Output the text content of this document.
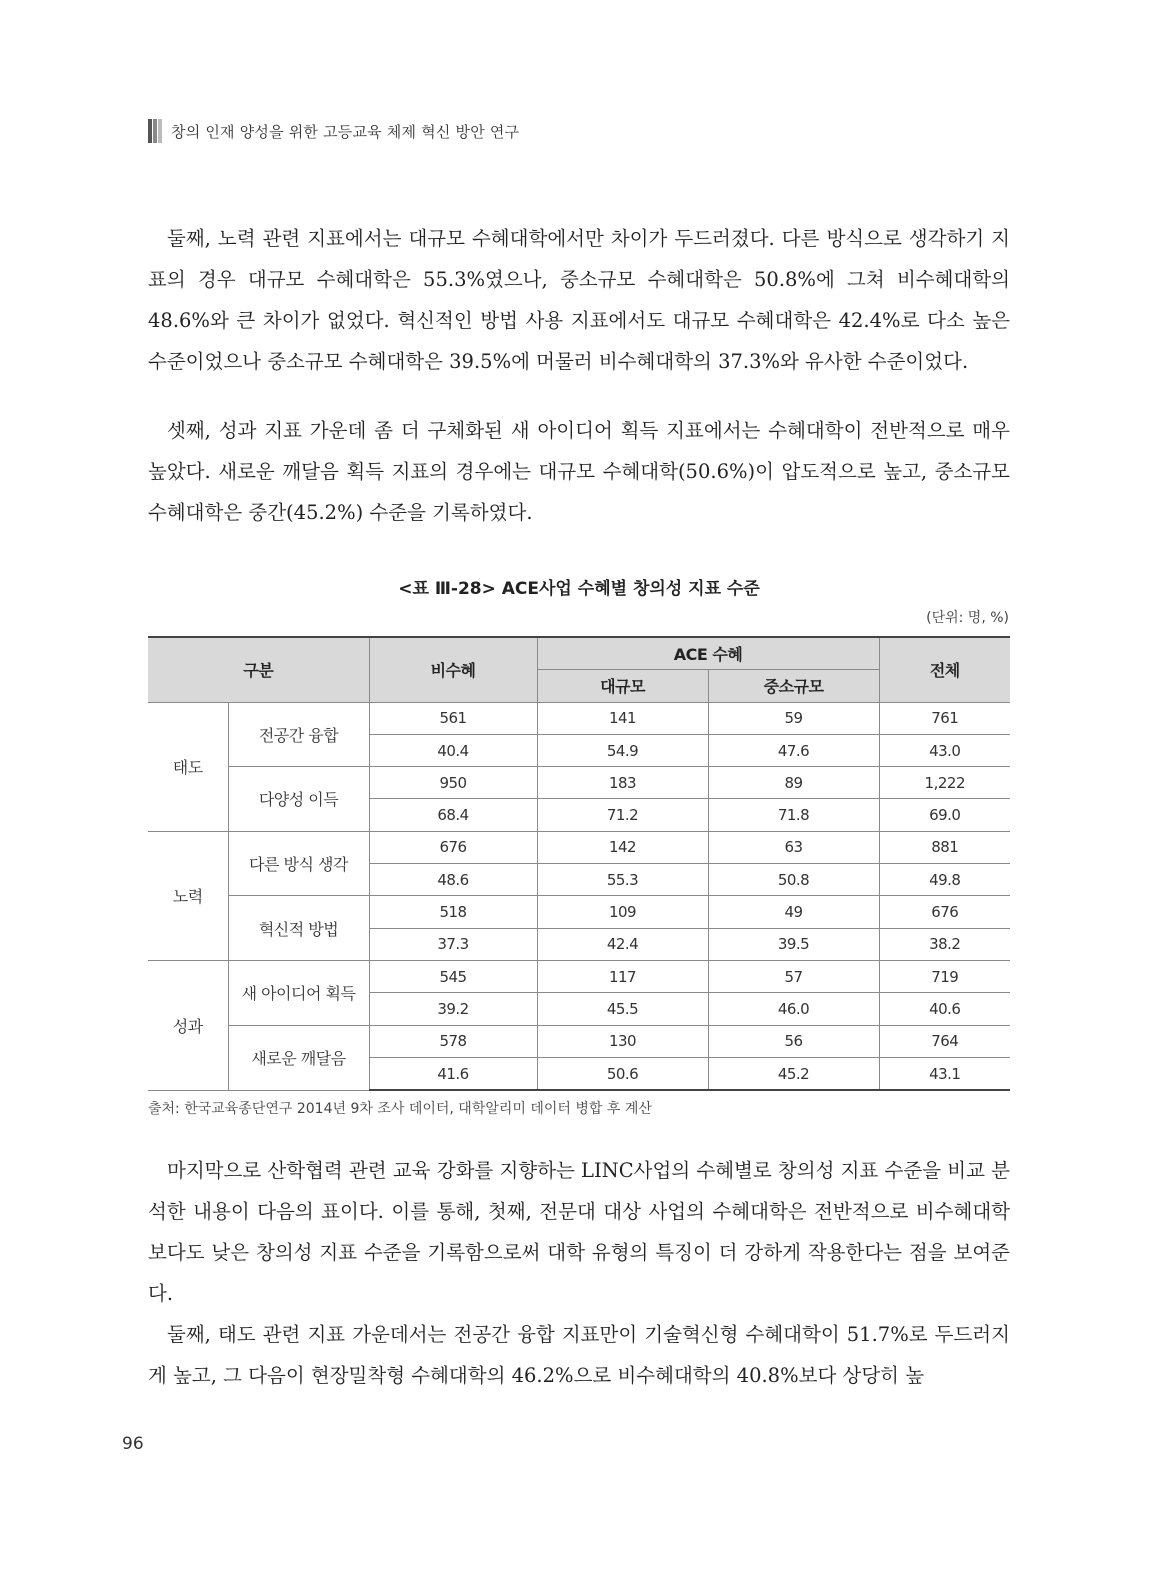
창의 인재 양성을 위한 고등교육 체제 혁신 방안 연구

둘째, 노력 관련 지표에서는 대규모 수혜대학에서만 차이가 두드러졌다. 다른 방식으로 생각하기 지표의 경우 대규모 수혜대학은 55.3%였으나, 중소규모 수혜대학은 50.8%에 그쳐 비수혜대학의 48.6%와 큰 차이가 없었다. 혁신적인 방법 사용 지표에서도 대규모 수혜대학은 42.4%로 다소 높은 수준이었으나 중소규모 수혜대학은 39.5%에 머물러 비수혜대학의 37.3%와 유사한 수준이었다.

셋째, 성과 지표 가운데 좀 더 구체화된 새 아이디어 획득 지표에서는 수혜대학이 전반적으로 매우 높았다. 새로운 깨달음 획득 지표의 경우에는 대규모 수혜대학(50.6%)이 압도적으로 높고, 중소규모 수혜대학은 중간(45.2%) 수준을 기록하였다.

<표 Ⅲ-28> ACE사업 수혜별 창의성 지표 수준
(단위: 명, %)
구분		비수혜	ACE 수혜		전체
			대규모	중소규모	
태도	전공간 융합	561	141	59	761
		40.4	54.9	47.6	43.0
	다양성 이득	950	183	89	1,222
		68.4	71.2	71.8	69.0
노력	다른 방식 생각	676	142	63	881
		48.6	55.3	50.8	49.8
	혁신적 방법	518	109	49	676
		37.3	42.4	39.5	38.2
성과	새 아이디어 획득	545	117	57	719
		39.2	45.5	46.0	40.6
	새로운 깨달음	578	130	56	764
		41.6	50.6	45.2	43.1
출처: 한국교육종단연구 2014년 9차 조사 데이터, 대학알리미 데이터 병합 후 계산

마지막으로 산학협력 관련 교육 강화를 지향하는 LINC사업의 수혜별로 창의성 지표 수준을 비교 분석한 내용이 다음의 표이다. 이를 통해, 첫째, 전문대 대상 사업의 수혜대학은 전반적으로 비수혜대학보다도 낮은 창의성 지표 수준을 기록함으로써 대학 유형의 특징이 더 강하게 작용한다는 점을 보여준다.

둘째, 태도 관련 지표 가운데서는 전공간 융합 지표만이 기술혁신형 수혜대학이 51.7%로 두드러지게 높고, 그 다음이 현장밀착형 수혜대학의 46.2%으로 비수혜대학의 40.8%보다 상당히 높

96
